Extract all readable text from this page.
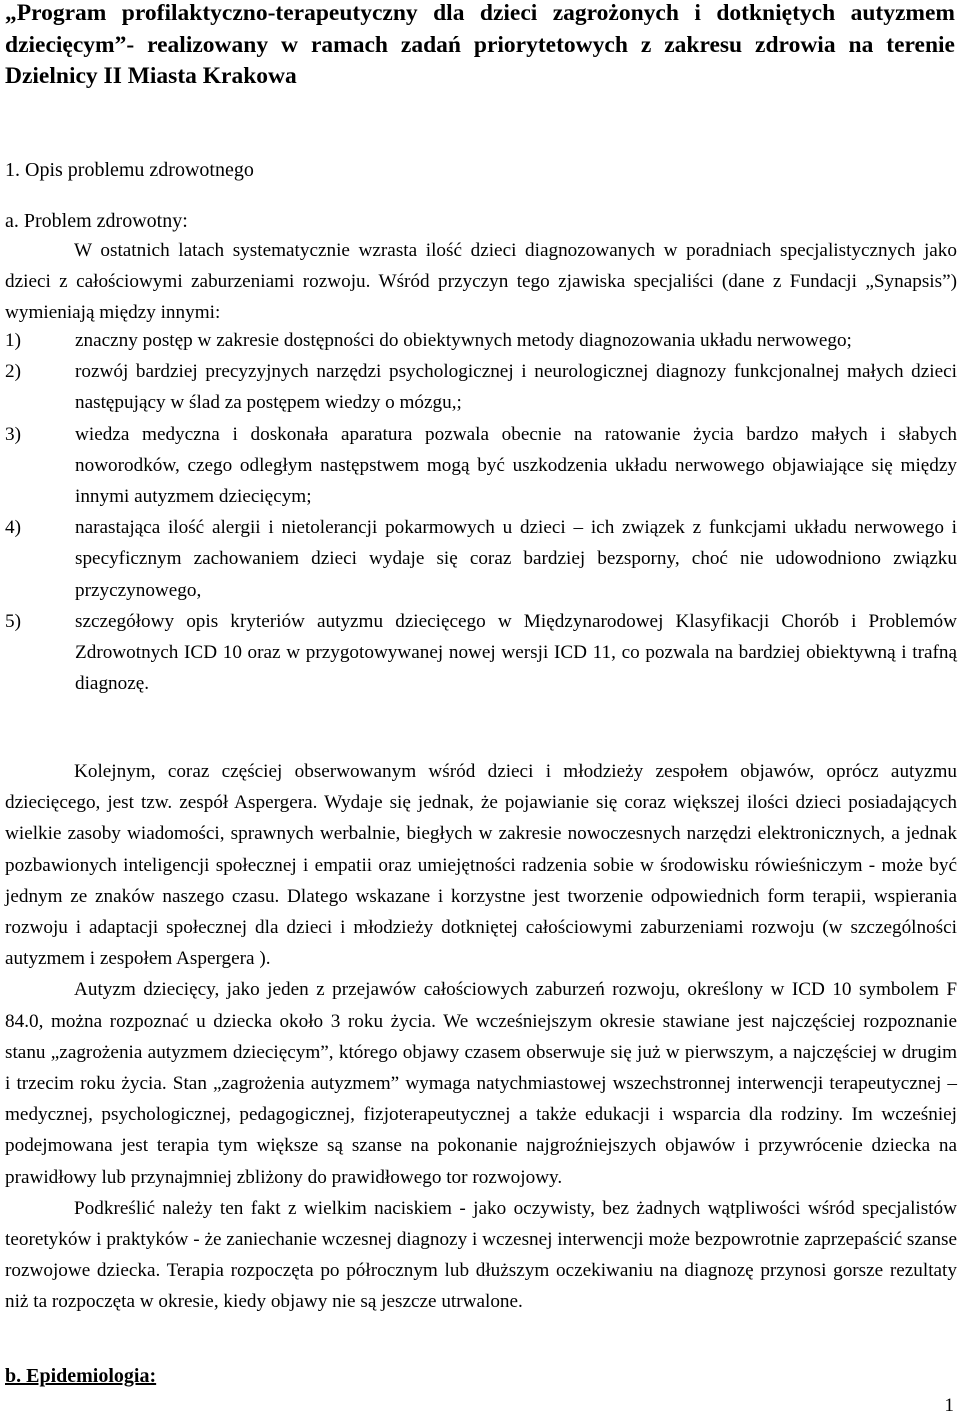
„Program profilaktyczno-terapeutyczny dla dzieci zagrożonych i dotkniętych autyzmem dziecięcym”- realizowany w ramach zadań priorytetowych z zakresu zdrowia na terenie Dzielnicy II Miasta Krakowa
1. Opis problemu zdrowotnego
a. Problem zdrowotny:
W ostatnich latach systematycznie wzrasta ilość dzieci diagnozowanych w poradniach specjalistycznych jako dzieci z całościowymi zaburzeniami rozwoju. Wśród przyczyn tego zjawiska specjaliści (dane z Fundacji „Synapsis”) wymieniają między innymi:
1)	znaczny postęp w zakresie dostępności do obiektywnych metody diagnozowania układu nerwowego;
2)	rozwój bardziej precyzyjnych narzędzi psychologicznej i neurologicznej diagnozy funkcjonalnej małych dzieci następujący w ślad za postępem wiedzy o mózgu,;
3)	wiedza medyczna i doskonała aparatura pozwala obecnie na ratowanie życia bardzo małych i słabych noworodków, czego odległym następstwem mogą być uszkodzenia układu nerwowego objawiające się między innymi autyzmem dziecięcym;
4)	narastająca ilość alergii i nietolerancji pokarmowych u dzieci – ich związek z funkcjami układu nerwowego i specyficznym zachowaniem dzieci wydaje się coraz bardziej bezsporny, choć nie udowodniono związku przyczynowego,
5)	szczegółowy opis kryteriów autyzmu dziecięcego w Międzynarodowej Klasyfikacji Chorób i Problemów Zdrowotnych ICD 10 oraz w przygotowywanej nowej wersji ICD 11, co pozwala na bardziej obiektywną i trafną diagnozę.

Kolejnym, coraz częściej obserwowanym wśród dzieci i młodzieży zespołem objawów, oprócz autyzmu dziecięcego, jest tzw. zespół Aspergera. Wydaje się jednak, że pojawianie się coraz większej ilości dzieci posiadających wielkie zasoby wiadomości, sprawnych werbalnie, biegłych w zakresie nowoczesnych narzędzi elektronicznych, a jednak pozbawionych inteligencji społecznej i empatii oraz umiejętności radzenia sobie w środowisku rówieśniczym - może być jednym ze znaków naszego czasu. Dlatego wskazane i korzystne jest tworzenie odpowiednich form terapii, wspierania rozwoju i adaptacji społecznej dla dzieci i młodzieży dotkniętej całościowymi zaburzeniami rozwoju (w szczególności autyzmem i zespołem Aspergera ).

Autyzm dziecięcy, jako jeden z przejawów całościowych zaburzeń rozwoju, określony w ICD 10 symbolem F 84.0, można rozpoznać u dziecka około 3 roku życia. We wcześniejszym okresie stawiane jest najczęściej rozpoznanie stanu „zagrożenia autyzmem dziecięcym”, którego objawy czasem obserwuje się już w pierwszym, a najczęściej w drugim i trzecim roku życia. Stan „zagrożenia autyzmem” wymaga natychmiastowej wszechstronnej interwencji terapeutycznej – medycznej, psychologicznej, pedagogicznej, fizjoterapeutycznej a także edukacji i wsparcia dla rodziny. Im wcześniej podejmowana jest terapia tym większe są szanse na pokonanie najgroźniejszych objawów i przywrócenie dziecka na prawidłowy lub przynajmniej zbliżony do prawidłowego tor rozwojowy.

Podkreślić należy ten fakt z wielkim naciskiem - jako oczywisty, bez żadnych wątpliwości wśród specjalistów teoretyków i praktyków - że zaniechanie wczesnej diagnozy i wczesnej interwencji może bezpowrotnie zaprzepaścić szanse rozwojowe dziecka. Terapia rozpoczęta po półrocznym lub dłuższym oczekiwaniu na diagnozę przynosi gorsze rezultaty niż ta rozpoczęta w okresie, kiedy objawy nie są jeszcze utrwalone.

b. Epidemiologia:
1
